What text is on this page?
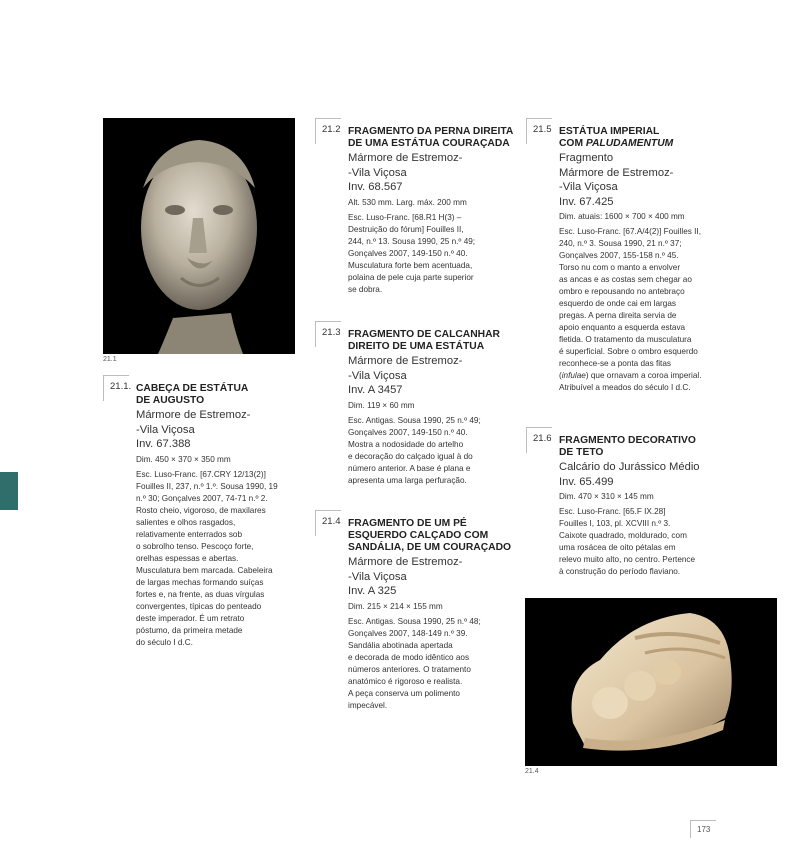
21.1
21.4
21.1. CABEÇA DE ESTÁTUA
DE AUGUSTO
Mármore de Estremoz-
-Vila Viçosa
Inv. 67.388
Dim. 450 × 370 × 350 mm
Esc. Luso-Franc. [67.CRY 12/13(2)]
Fouilles II, 237, n.º 1.º. Sousa 1990, 19
n.º 30; Gonçalves 2007, 74-71 n.º 2.
Rosto cheio, vigoroso, de maxilares
salientes e olhos rasgados,
relativamente enterrados sob
o sobrolho tenso. Pescoço forte,
orelhas espessas e abertas.
Musculatura bem marcada. Cabeleira
de largas mechas formando suíças
fortes e, na frente, as duas vírgulas
convergentes, típicas do penteado
deste imperador. É um retrato
póstumo, da primeira metade
do século I d.C.
21.2 FRAGMENTO DA PERNA DIREITA
DE UMA ESTÁTUA COURAÇADA
Mármore de Estremoz-
-Vila Viçosa
Inv. 68.567
Alt. 530 mm. Larg. máx. 200 mm
Esc. Luso-Franc. [68.R1 H(3) –
Destruição do fórum] Fouilles II,
244, n.º 13. Sousa 1990, 25 n.º 49;
Gonçalves 2007, 149-150 n.º 40.
Musculatura forte bem acentuada,
polaina de pele cuja parte superior
se dobra.
21.3 FRAGMENTO DE CALCANHAR
DIREITO DE UMA ESTÁTUA
Mármore de Estremoz-
-Vila Viçosa
Inv. A 3457
Dim. 119 × 60 mm
Esc. Antigas. Sousa 1990, 25 n.º 49;
Gonçalves 2007, 149-150 n.º 40.
Mostra a nodosidade do artelho
e decoração do calçado igual à do
número anterior. A base é plana e
apresenta uma larga perfuração.
21.4 FRAGMENTO DE UM PÉ
ESQUERDO CALÇADO COM
SANDÁLIA, DE UM COURAÇADO
Mármore de Estremoz-
-Vila Viçosa
Inv. A 325
Dim. 215 × 214 × 155 mm
Esc. Antigas. Sousa 1990, 25 n.º 48;
Gonçalves 2007, 148-149 n.º 39.
Sandália abotinada apertada
e decorada de modo idêntico aos
números anteriores. O tratamento
anatómico é rigoroso e realista.
A peça conserva um polimento
impecável.
21.5 ESTÁTUA IMPERIAL
COM PALUDAMENTUM
Fragmento
Mármore de Estremoz-
-Vila Viçosa
Inv. 67.425
Dim. atuais: 1600 × 700 × 400 mm
Esc. Luso-Franc. [67.A/4(2)] Fouilles II,
240, n.º 3. Sousa 1990, 21 n.º 37;
Gonçalves 2007, 155-158 n.º 45.
Torso nu com o manto a envolver
as ancas e as costas sem chegar ao
ombro e repousando no antebraço
esquerdo de onde cai em largas
pregas. A perna direita servia de
apoio enquanto a esquerda estava
fletida. O tratamento da musculatura
é superficial. Sobre o ombro esquerdo
reconhece-se a ponta das fitas
(infulae) que ornavam a coroa imperial.
Atribuível a meados do século I d.C.
21.6 FRAGMENTO DECORATIVO
DE TETO
Calcário do Jurássico Médio
Inv. 65.499
Dim. 470 × 310 × 145 mm
Esc. Luso-Franc. [65.F IX.28]
Fouilles I, 103, pl. XCVIII n.º 3.
Caixote quadrado, moldurado, com
uma rosácea de oito pétalas em
relevo muito alto, no centro. Pertence
à construção do período flaviano.
173
